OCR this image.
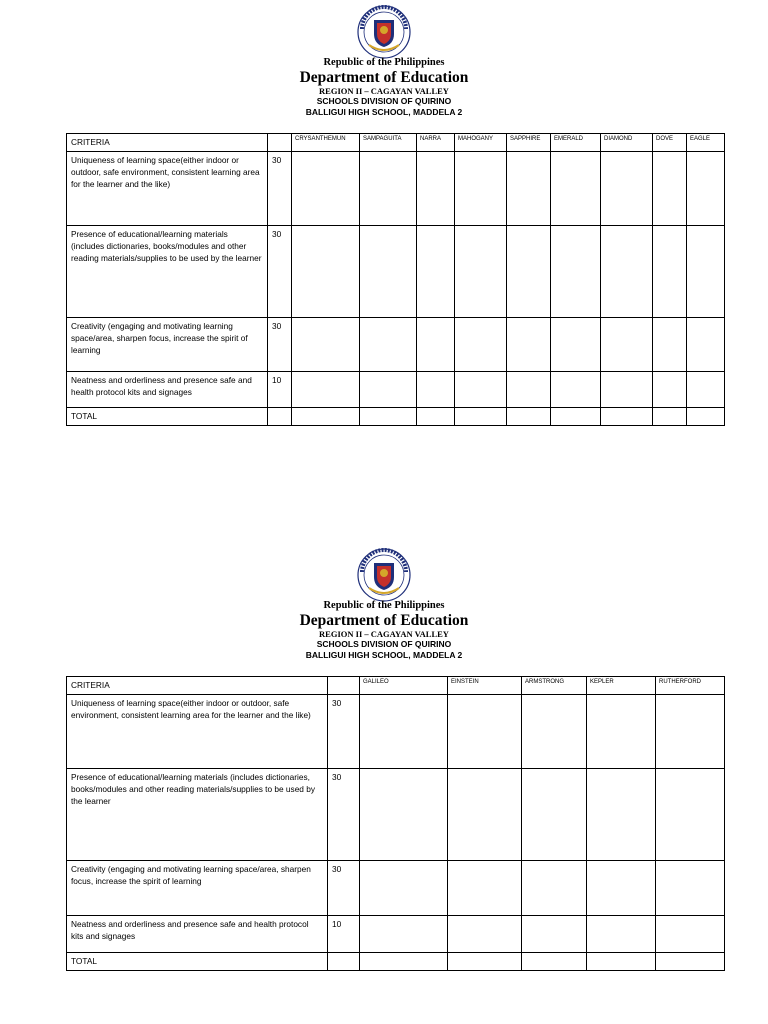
Republic of the Philippines
Department of Education
REGION II – CAGAYAN VALLEY
SCHOOLS DIVISION OF QUIRINO
BALLIGUI HIGH SCHOOL, MADDELA 2
CRITERIA		CRYSANTHEMUN	SAMPAGUITA	NARRA	MAHOGANY	SAPPHIRE	EMERALD	DIAMOND	DOVE	EAGLE
Uniqueness of learning space(either indoor or outdoor, safe environment, consistent learning area for the learner and the like)	30									
Presence of educational/learning materials (includes dictionaries, books/modules and other reading materials/supplies to be used by the learner	30									
Creativity (engaging and motivating learning space/area, sharpen focus, increase the spirit of learning	30									
Neatness and orderliness and presence safe and health protocol kits and signages	10									
TOTAL										
Republic of the Philippines
Department of Education
REGION II – CAGAYAN VALLEY
SCHOOLS DIVISION OF QUIRINO
BALLIGUI HIGH SCHOOL, MADDELA 2
CRITERIA		GALILEO	EINSTEIN	ARMSTRONG	KEPLER	RUTHERFORD
Uniqueness of learning space(either indoor or outdoor, safe environment, consistent learning area for the learner and the like)	30					
Presence of educational/learning materials (includes dictionaries, books/modules and other reading materials/supplies to be used by the learner	30					
Creativity (engaging and motivating learning space/area, sharpen focus, increase the spirit of learning	30					
Neatness and orderliness and presence safe and health protocol kits and signages	10					
TOTAL						
